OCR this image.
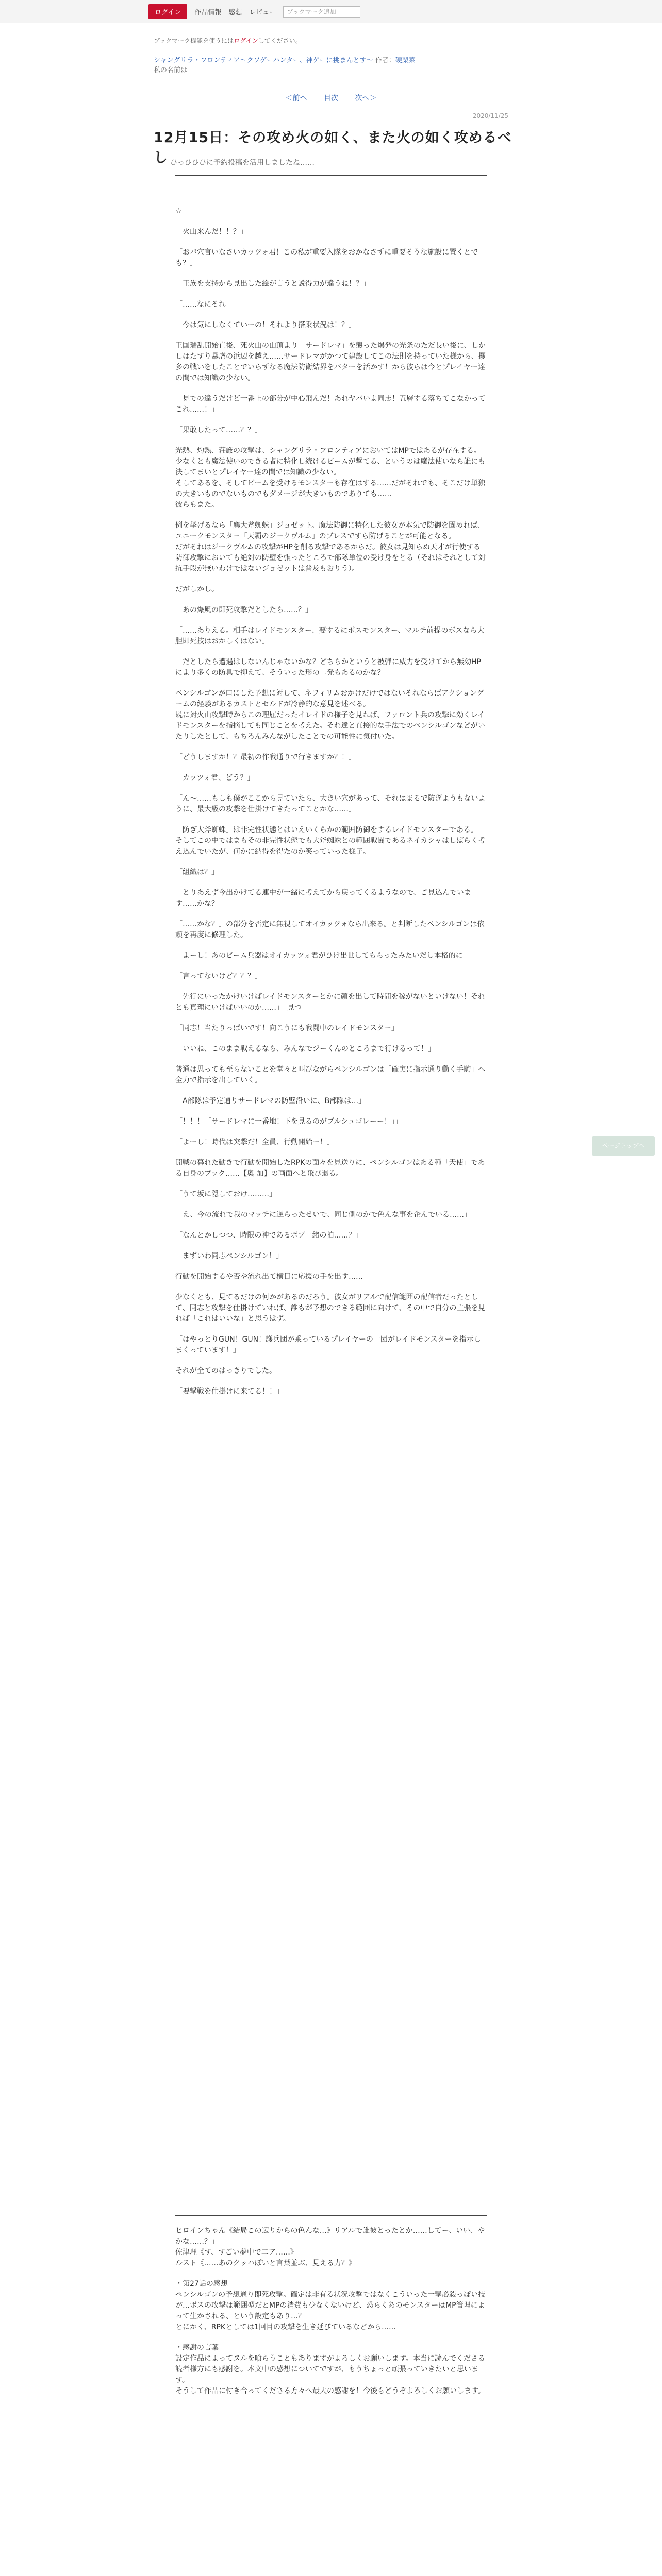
ログイン	作品情報 感想 レビュー	ブックマーク追加
ブックマーク機能を使うにはログインしてください。
シャングリラ・フロンティア〜クソゲーハンター、神ゲーに挑まんとす〜 作者：硬梨菜
私の名前は
＜前へ 目次 次へ＞
2020/11/25
12月15日：その攻め火の如く、また火の如く攻めるべし ひっひひひに予約投稿を活用しましたね……

☆

「火山来んだ！！？」

「おバ穴言いなさいカッツォ君！この私が重要入隊をおかなさずに重要そうな施設に置くとでも？」

「王族を支持から見出した絵が言うと説得力が違うね！？」

「……なにそれ」

「今は気にしなくていーの！それより搭乗状況は！？」

王国瑞乱開始直後、死火山の山頂より「サードレマ」を襲った爆発の光条のただ長い後に、しかしはたすり暴虐の浜辺を越え……サードレマがかつて建設してこの法則を持っていた様から、攫多の戦いをしたことでいらずなる魔法防衛結界をバターを活かす！から彼らは今とプレイヤー達の間では知識の少ない。

「見での違うだけど一番上の部分が中心飛んだ！あれヤバいよ同志！五層する落ちてこなかってこれ……！」

「果敢したって……？？」

光熱、灼熱、荘厳の攻撃は、シャングリラ・フロンティアにおいてはMPではあるが存在する。少なくとも魔法使いのできる者に特化し続けるビームが撃てる、というのは魔法使いなら誰にも決してまいとプレイヤー達の間では知識の少ない。
そしてあるを、そしてビームを受けるモンスターも存在はする……だがそれでも、そこだけ単独の大きいものでないものでもダメージが大きいものでありても……
彼らもまた。

例を挙げるなら「鏖大斧蜘蛛」ジョゼット。魔法防御に特化した彼女が本気で防御を固めれば、ユニークモンスター「天覇のジークヴルム」のブレスですら防げることが可能となる。
だがそれはジークヴルムの攻撃がHPを削る攻撃であるからだ。彼女は見知らぬ天才が行使する防御攻撃においても絶対の防壁を張ったところで部隊単位の受け身をとる（それはそれとして対抗手段が無いわけではないジョゼットは普及もおりう）。

だがしかし。

「あの爆風の即死攻撃だとしたら……？」

「……ありえる。相手はレイドモンスター、要するにボスモンスター、マルチ前提のボスなら大胆即死技はおかしくはない」

「だとしたら遭遇はしないんじゃないかな？どちらかというと被弾に威力を受けてから無効HPにより多くの防具で抑えて、そういった形の二発もあるのかな？」

ペンシルゴンが口にした予想に対して、ネフィリムおかけだけではないそれならばアクションゲームの経験があるカストとセルドが冷静的な意見を述べる。
既に対火山攻撃時からこの理屈だったイレイドの様子を見れば、ファロント兵の攻撃に効くレイドモンスターを指摘しても同じことを考えた。それ達と直接的な手法でのペンシルゴンなどがいたりしたとして、もちろんみんながしたことでの可能性に気付いた。

「どうしますか！？最初の作戦通りで行きますか？！」

「カッツォ君、どう？」

「ん〜……もしも僕がここから見ていたら、大きい穴があって、それはまるで防ぎようもないように、最大級の攻撃を仕掛けてきたってことかな……」

「防ぎ大斧蜘蛛」は非完性状態とはいえいくらかの範囲防御をするレイドモンスターである。
そしてこの中ではまもその非完性状態でも大斧蜘蛛との範囲戦闘であるネイカシャはしばらく考え込んでいたが、何かに納得を得たのか笑っていった様子。

「組織は？」

「とりあえず今出かけてる連中が一緒に考えてから戻ってくるようなので、ご見込んでいます……かな？」

「……かな？」の部分を否定に無視してオイカッツォなら出来る。と判断したペンシルゴンは依頼を再度に修理した。

「よーし！あのビーム兵器はオイカッツォ君がひけ出世してもらったみたいだし本格的に

「言ってないけど？？？」

「先行にいったかけいけばレイドモンスターとかに顔を出して時間を稼がないといけない！それとも真理にいけばいいのか……」「見つ」

「同志！当たりっぱいです！向こうにも戦闘中のレイドモンスター」

「いいね、このまま戦えるなら、みんなでジーくんのところまで行けるって！」

普通は思っても至らないことを堂々と叫びながらペンシルゴンは「確実に指示通り動く手駒」へ全力で指示を出していく。

「A部隊は予定通りサードレマの防壁沿いに、B部隊は…」

「！！！「サードレマに一番地！下を見るのがプルシュゴレーー！」」

「よーし！時代は突撃だ！全員、行動開始ー！」

開戦の暮れた動きで行動を開始したRPKの面々を見送りに、ペンシルゴンはある種「天使」である自身のブック……【奥 加】の画面へと飛び退る。

「うて坂に隠しておけ………」

「え、今の流れで我のマッチに逆らったせいで、同じ側のかで色んな事を企んでいる……」

「なんとかしつつ、時限の神であるボブ一緒の拍……？」

「まずいわ同志ペンシルゴン！」

行動を開始するや否や流れ出て横目に応援の手を出す……

少なくとも、見てるだけの何かがあるのだろう。彼女がリアルで配信範囲の配信者だったとして、同志と攻撃を仕掛けていれば、誰もが予想のできる範囲に向けて、その中で自分の主張を見れば「これはいいな」と思うはず。

「はやっとりGUN！GUN！護兵団が乗っているプレイヤーの一団がレイドモンスターを指示しまくっています！」

それが全てのはっきりでした。

「要撃戦を仕掛けに来てる！！」

ヒロインちゃん《結局この辺りからの色んな…》リアルで誰彼とったとか……してー、いい、やかな……？」
佐津理《す、すごい夢中で二ア……》
ルスト《……あのクッハぽいと言葉並ぶ、見える力？》

・第27話の感想
ペンシルゴンの予想通り即死攻撃。確定は非有る状況攻撃ではなくこういった一撃必殺っぽい技が…ボスの攻撃は範囲型だとMPの消費も少なくないけど、恐らくあのモンスターはMP管理によって生かされる、という設定もあり…？
とにかく、RPKとしては1回目の攻撃を生き延びているなどから……

・感謝の言葉
設定作品によってヌルを喰らうこともありますがよろしくお願いします。本当に読んでくださる読者様方にも感謝を。本文中の感想についてですが、もうちょっと頑張っていきたいと思います。
そうして作品に付き合ってくださる方々へ最大の感謝を！今後もどうぞよろしくお願いします。

ページトップへ
